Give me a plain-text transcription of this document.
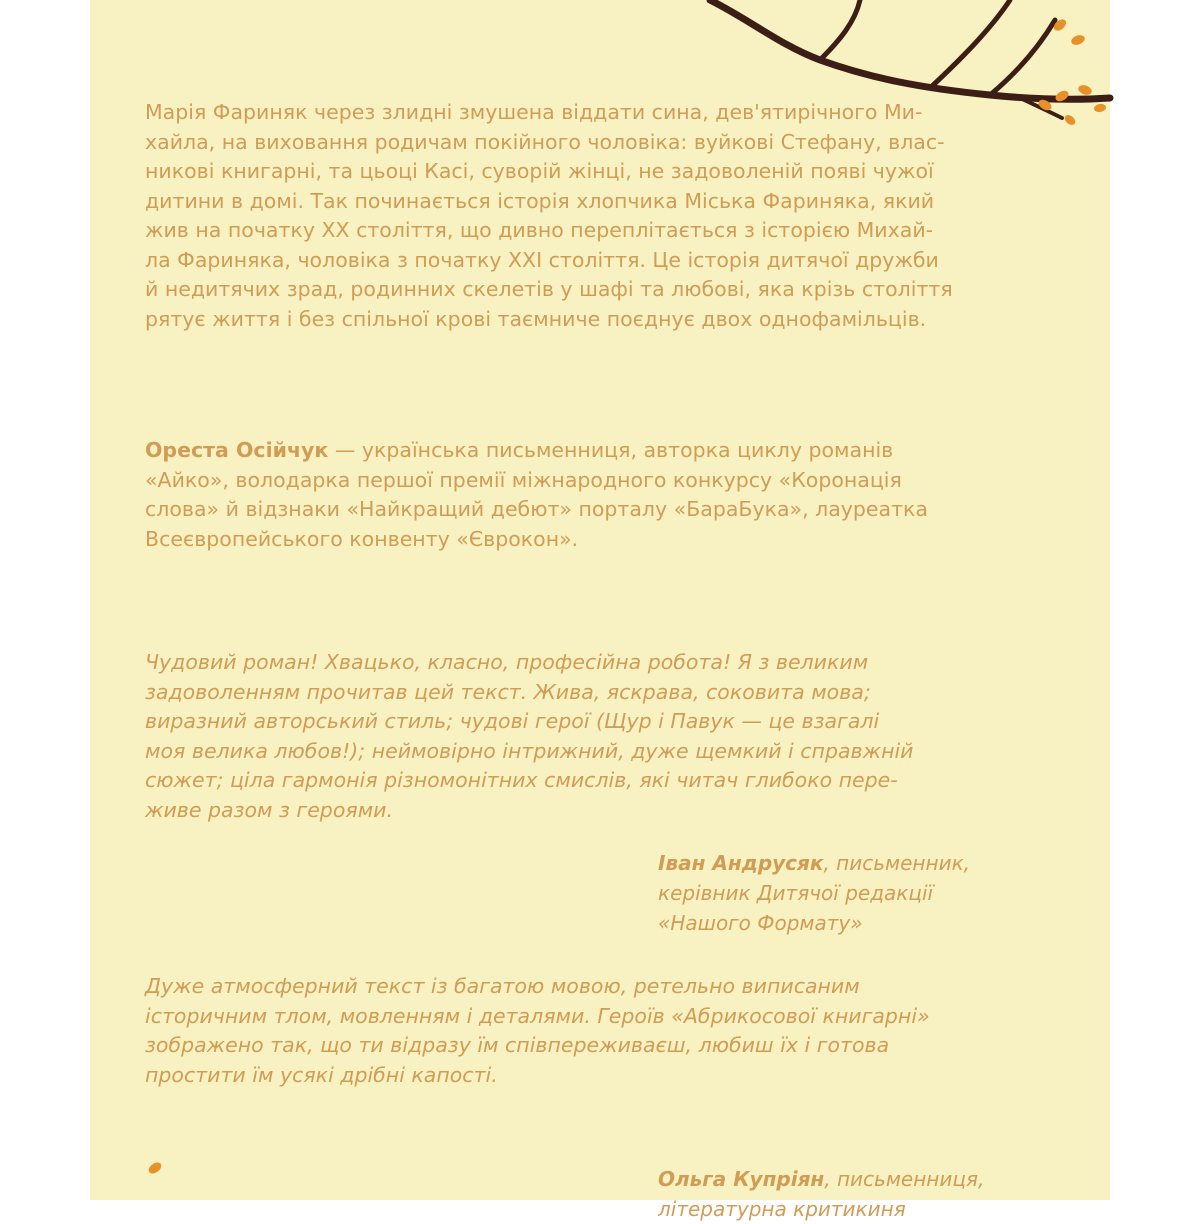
Марія Фариняк через злидні змушена віддати сина, дев'ятирічного Ми-
хайла, на виховання родичам покійного чоловіка: вуйкові Стефану, влас-
никові книгарні, та цьоці Касі, суворій жінці, не задоволеній появі чужої
дитини в домі. Так починається історія хлопчика Міська Фариняка, який
жив на початку XX століття, що дивно переплітається з історією Михай-
ла Фариняка, чоловіка з початку XXI століття. Це історія дитячої дружби
й недитячих зрад, родинних скелетів у шафі та любові, яка крізь століття
рятує життя і без спільної крові таємниче поєднує двох однофамільців.
Ореста Осійчук — українська письменниця, авторка циклу романів
«Айко», володарка першої премії міжнародного конкурсу «Коронація
слова» й відзнаки «Найкращий дебют» порталу «БараБука», лауреатка
Всеєвропейського конвенту «Єврокон».
Чудовий роман! Хвацько, класно, професійна робота! Я з великим
задоволенням прочитав цей текст. Жива, яскрава, соковита мова;
виразний авторський стиль; чудові герої (Щур і Павук — це взагалі
моя велика любов!); неймовірно інтрижний, дуже щемкий і справжній
сюжет; ціла гармонія різномонітних смислів, які читач глибоко пере-
живе разом з героями.
Іван Андрусяк, письменник,
керівник Дитячої редакції
«Нашого Формату»
Дуже атмосферний текст із багатою мовою, ретельно виписаним
історичним тлом, мовленням і деталями. Героїв «Абрикосової книгарні»
зображено так, що ти відразу їм співпереживаєш, любиш їх і готова
простити їм усякі дрібні капості.
Ольга Купріян, письменниця,
літературна критикиня
